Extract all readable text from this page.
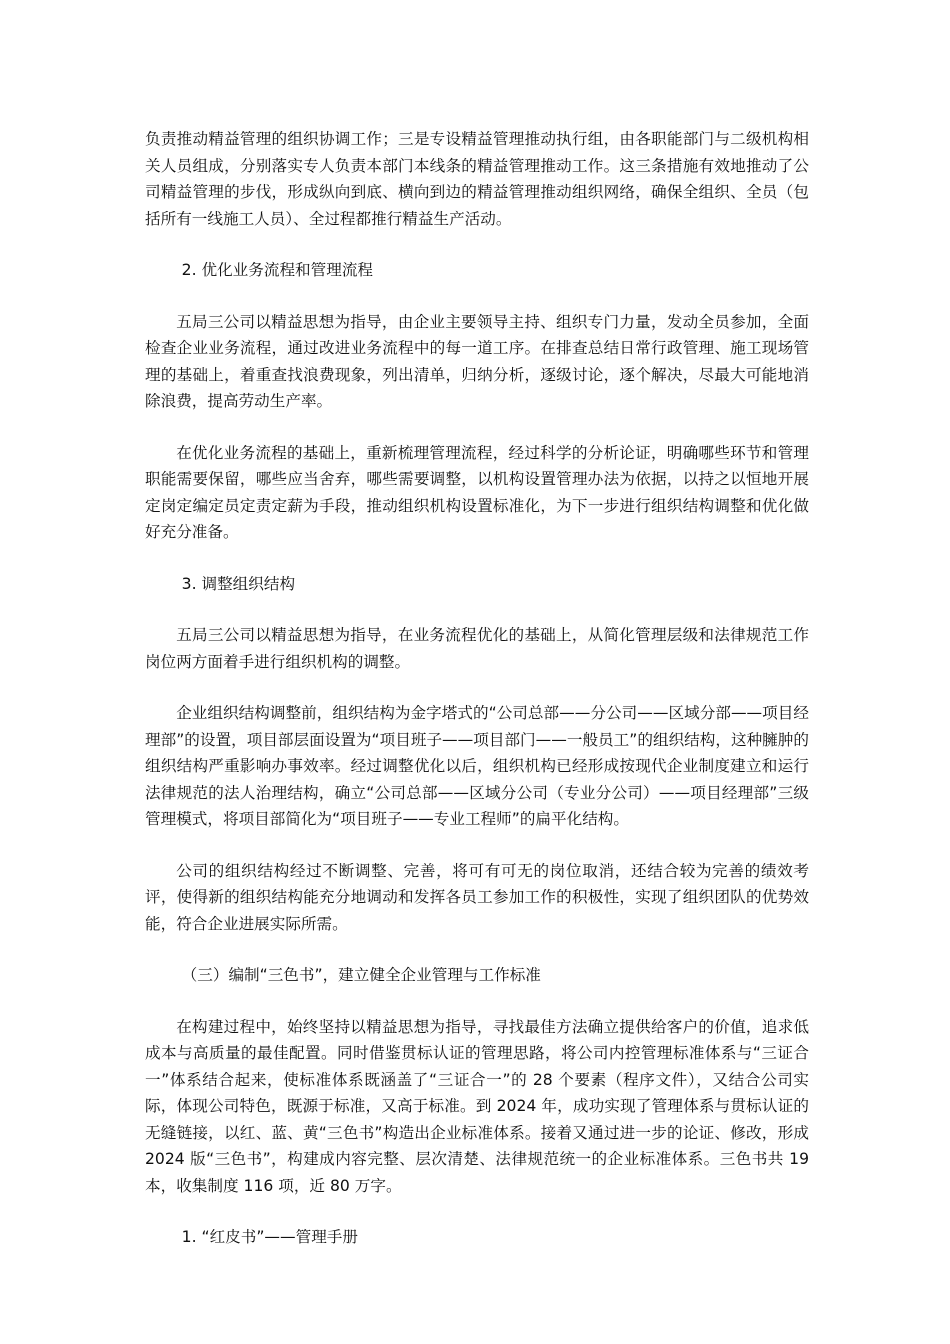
负责推动精益管理的组织协调工作；三是专设精益管理推动执行组，由各职能部门与二级机构相关人员组成，分别落实专人负责本部门本线条的精益管理推动工作。这三条措施有效地推动了公司精益管理的步伐，形成纵向到底、横向到边的精益管理推动组织网络，确保全组织、全员（包括所有一线施工人员）、全过程都推行精益生产活动。

2. 优化业务流程和管理流程

五局三公司以精益思想为指导，由企业主要领导主持、组织专门力量，发动全员参加，全面检查企业业务流程，通过改进业务流程中的每一道工序。在排查总结日常行政管理、施工现场管理的基础上，着重查找浪费现象，列出清单，归纳分析，逐级讨论，逐个解决，尽最大可能地消除浪费，提高劳动生产率。

在优化业务流程的基础上，重新梳理管理流程，经过科学的分析论证，明确哪些环节和管理职能需要保留，哪些应当舍弃，哪些需要调整，以机构设置管理办法为依据，以持之以恒地开展定岗定编定员定责定薪为手段，推动组织机构设置标准化，为下一步进行组织结构调整和优化做好充分准备。

3. 调整组织结构

五局三公司以精益思想为指导，在业务流程优化的基础上，从简化管理层级和法律规范工作岗位两方面着手进行组织机构的调整。

企业组织结构调整前，组织结构为金字塔式的“公司总部——分公司——区域分部——项目经理部”的设置，项目部层面设置为“项目班子——项目部门——一般员工”的组织结构，这种臃肿的组织结构严重影响办事效率。经过调整优化以后，组织机构已经形成按现代企业制度建立和运行法律规范的法人治理结构，确立“公司总部——区域分公司（专业分公司）——项目经理部”三级管理模式，将项目部简化为“项目班子——专业工程师”的扁平化结构。

公司的组织结构经过不断调整、完善，将可有可无的岗位取消，还结合较为完善的绩效考评，使得新的组织结构能充分地调动和发挥各员工参加工作的积极性，实现了组织团队的优势效能，符合企业进展实际所需。

（三）编制“三色书”，建立健全企业管理与工作标准

在构建过程中，始终坚持以精益思想为指导，寻找最佳方法确立提供给客户的价值，追求低成本与高质量的最佳配置。同时借鉴贯标认证的管理思路，将公司内控管理标准体系与“三证合一”体系结合起来，使标准体系既涵盖了“三证合一”的 28 个要素（程序文件），又结合公司实际，体现公司特色，既源于标准，又高于标准。到 2024 年，成功实现了管理体系与贯标认证的无缝链接，以红、蓝、黄“三色书”构造出企业标准体系。接着又通过进一步的论证、修改，形成 2024 版“三色书”，构建成内容完整、层次清楚、法律规范统一的企业标准体系。三色书共 19 本，收集制度 116 项，近 80 万字。

1. “红皮书”——管理手册
